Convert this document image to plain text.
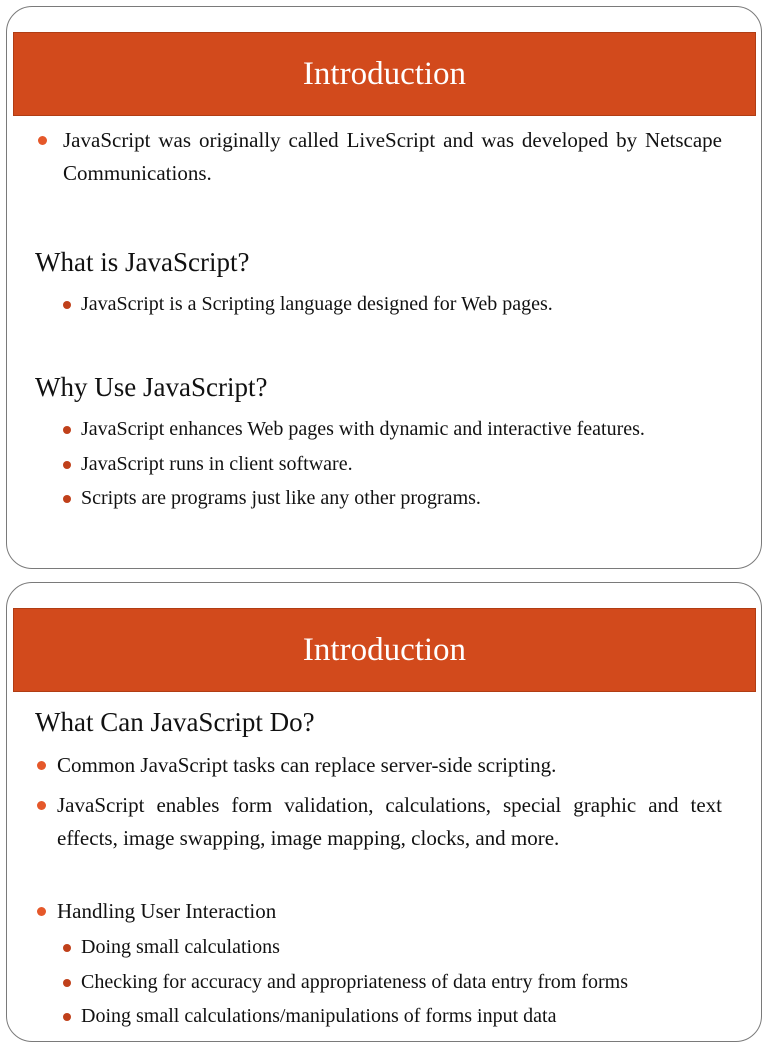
Introduction
JavaScript was originally called LiveScript and was developed by Netscape Communications.
What is JavaScript?
JavaScript is a Scripting language designed for Web pages.
Why Use JavaScript?
JavaScript enhances Web pages with dynamic and interactive features.
JavaScript runs in client software.
Scripts are programs just like any other programs.
Introduction
What Can JavaScript Do?
Common JavaScript tasks can replace server-side scripting.
JavaScript enables form validation, calculations, special graphic and text effects, image swapping, image mapping, clocks, and more.
Handling User Interaction
Doing small calculations
Checking for accuracy and appropriateness of data entry from forms
Doing small calculations/manipulations of forms input data
